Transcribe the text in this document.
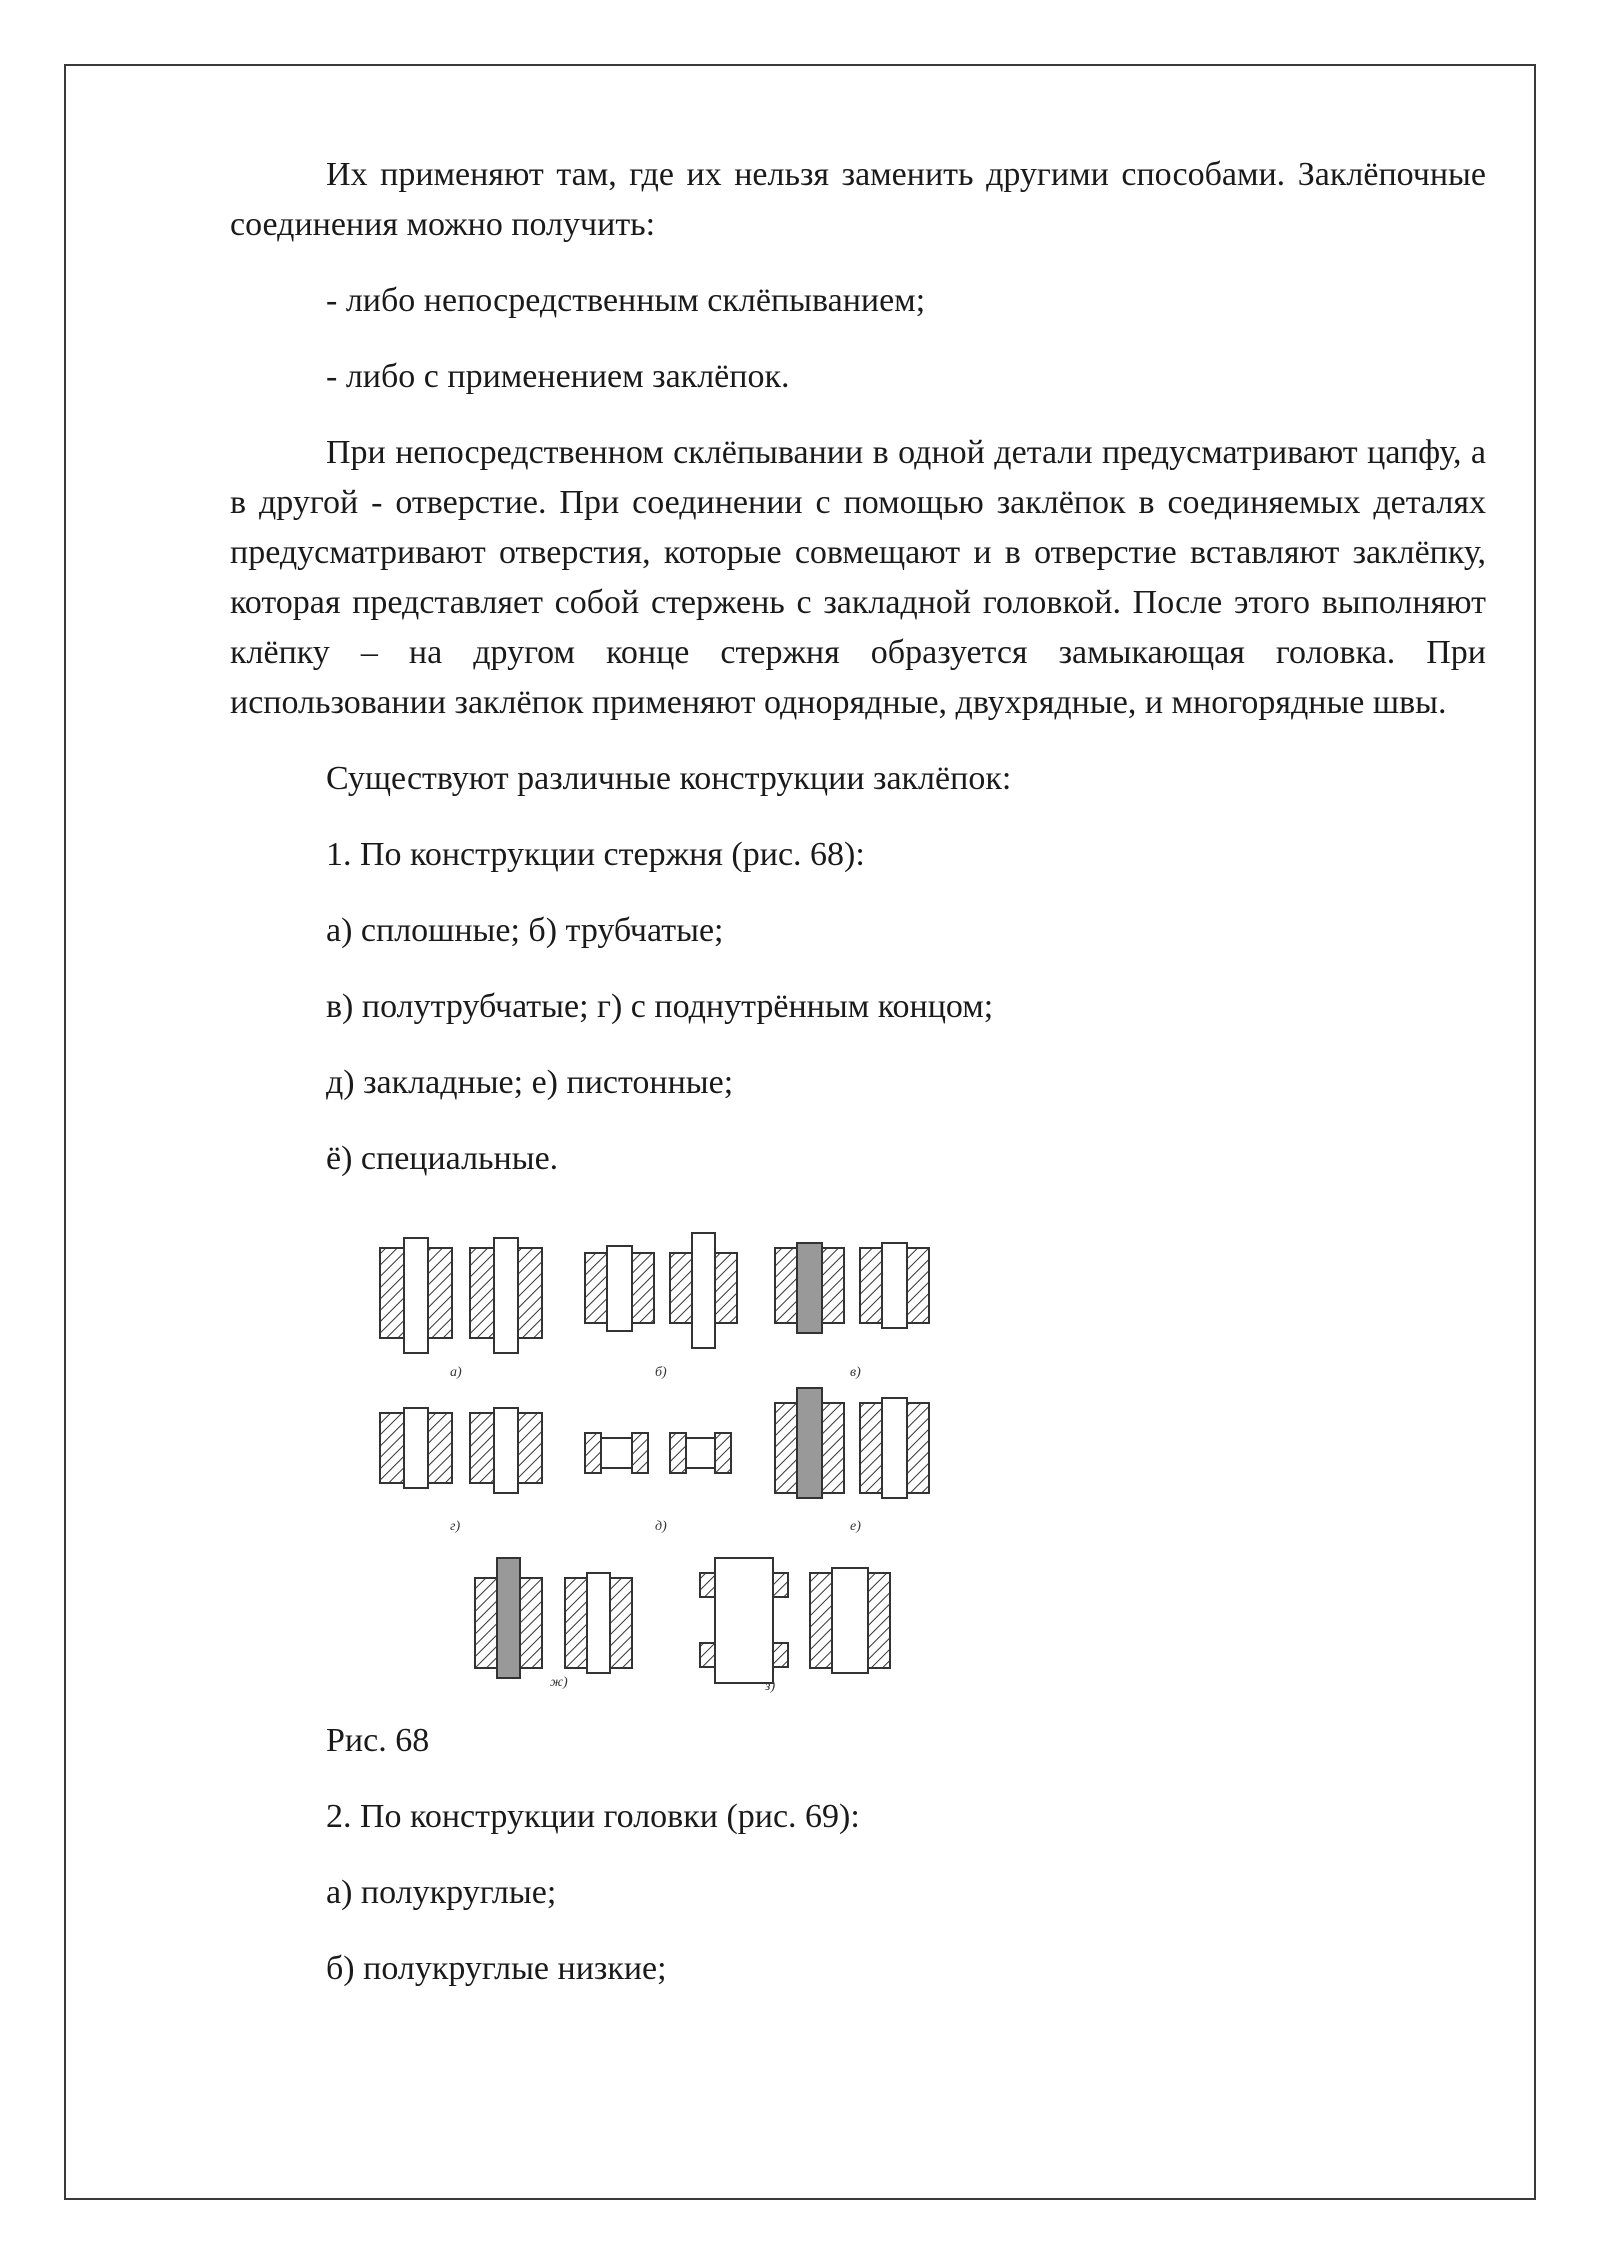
Их применяют там, где их нельзя заменить другими способами. Заклёпочные соединения можно получить:

- либо непосредственным склёпыванием;

- либо с применением заклёпок.

При непосредственном склёпывании в одной детали предусматривают цапфу, а в другой - отверстие. При соединении с помощью заклёпок в соединяемых деталях предусматривают отверстия, которые совмещают и в отверстие вставляют заклёпку, которая представляет собой стержень с закладной головкой. После этого выполняют клёпку – на другом конце стержня образуется замыкающая головка. При использовании заклёпок применяют однорядные, двухрядные, и многорядные швы.

Существуют различные конструкции заклёпок:

1. По конструкции стержня (рис. 68):

а) сплошные; б) трубчатые;

в) полутрубчатые; г) с поднутрённым концом;

д) закладные; е) пистонные;

ё) специальные.

а)	б)	в)
г)	д)	е)
ж)	з)

Рис. 68

2. По конструкции головки (рис. 69):

а) полукруглые;

б) полукруглые низкие;
